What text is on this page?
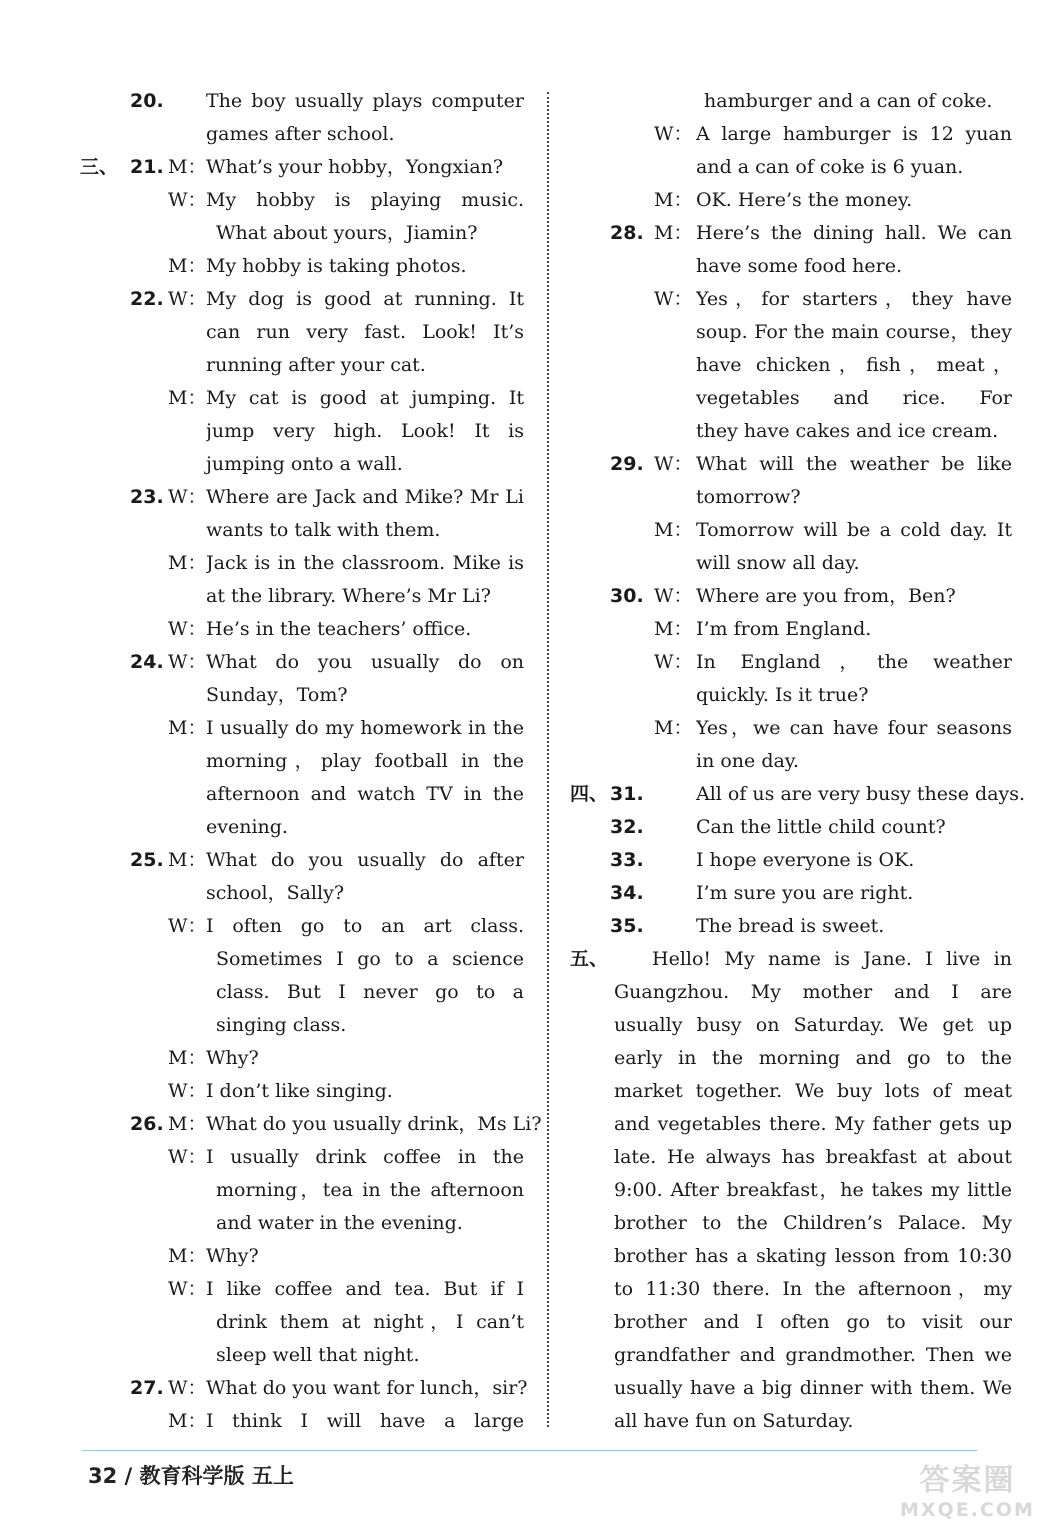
20. The boy usually plays computer
games after school.
三、 21. M： What’s your hobby，Yongxian?
W： My hobby is playing music.
What about yours，Jiamin?
M： My hobby is taking photos.
22. W： My dog is good at running. It
can run very fast. Look! It’s
running after your cat.
M： My cat is good at jumping. It
jump very high. Look! It is
jumping onto a wall.
23. W： Where are Jack and Mike? Mr Li
wants to talk with them.
M： Jack is in the classroom. Mike is
at the library. Where’s Mr Li?
W： He’s in the teachers’ office.
24. W： What do you usually do on
Sunday，Tom?
M： I usually do my homework in the
morning，play football in the
afternoon and watch TV in the
evening.
25. M： What do you usually do after
school，Sally?
W： I often go to an art class.
Sometimes I go to a science
class. But I never go to a
singing class.
M： Why?
W： I don’t like singing.
26. M： What do you usually drink，Ms Li?
W： I usually drink coffee in the
morning，tea in the afternoon
and water in the evening.
M： Why?
W： I like coffee and tea. But if I
drink them at night，I can’t
sleep well that night.
27. W： What do you want for lunch，sir?
M： I think I will have a large
hamburger and a can of coke.
W： A large hamburger is 12 yuan
and a can of coke is 6 yuan.
M： OK. Here’s the money.
28. M： Here’s the dining hall. We can
have some food here.
W： Yes，for starters，they have
soup. For the main course，they
have chicken，fish，meat，
vegetables and rice. For
they have cakes and ice cream.
29. W： What will the weather be like
tomorrow?
M： Tomorrow will be a cold day. It
will snow all day.
30. W： Where are you from，Ben?
M： I’m from England.
W： In England，the weather
quickly. Is it true?
M： Yes，we can have four seasons
in one day.
四、 31.	All of us are very busy these days.
32.	Can the little child count?
33.	I hope everyone is OK.
34.	I’m sure you are right.
35.	The bread is sweet.
五、 Hello! My name is Jane. I live in
Guangzhou. My mother and I are
usually busy on Saturday. We get up
early in the morning and go to the
market together. We buy lots of meat
and vegetables there. My father gets up
late. He always has breakfast at about
9:00. After breakfast，he takes my little
brother to the Children’s Palace. My
brother has a skating lesson from 10:30
to 11:30 there. In the afternoon，my
brother and I often go to visit our
grandfather and grandmother. Then we
usually have a big dinner with them. We
all have fun on Saturday.
32 / 教育科学版 五上	答案圈
MXQE.COM
